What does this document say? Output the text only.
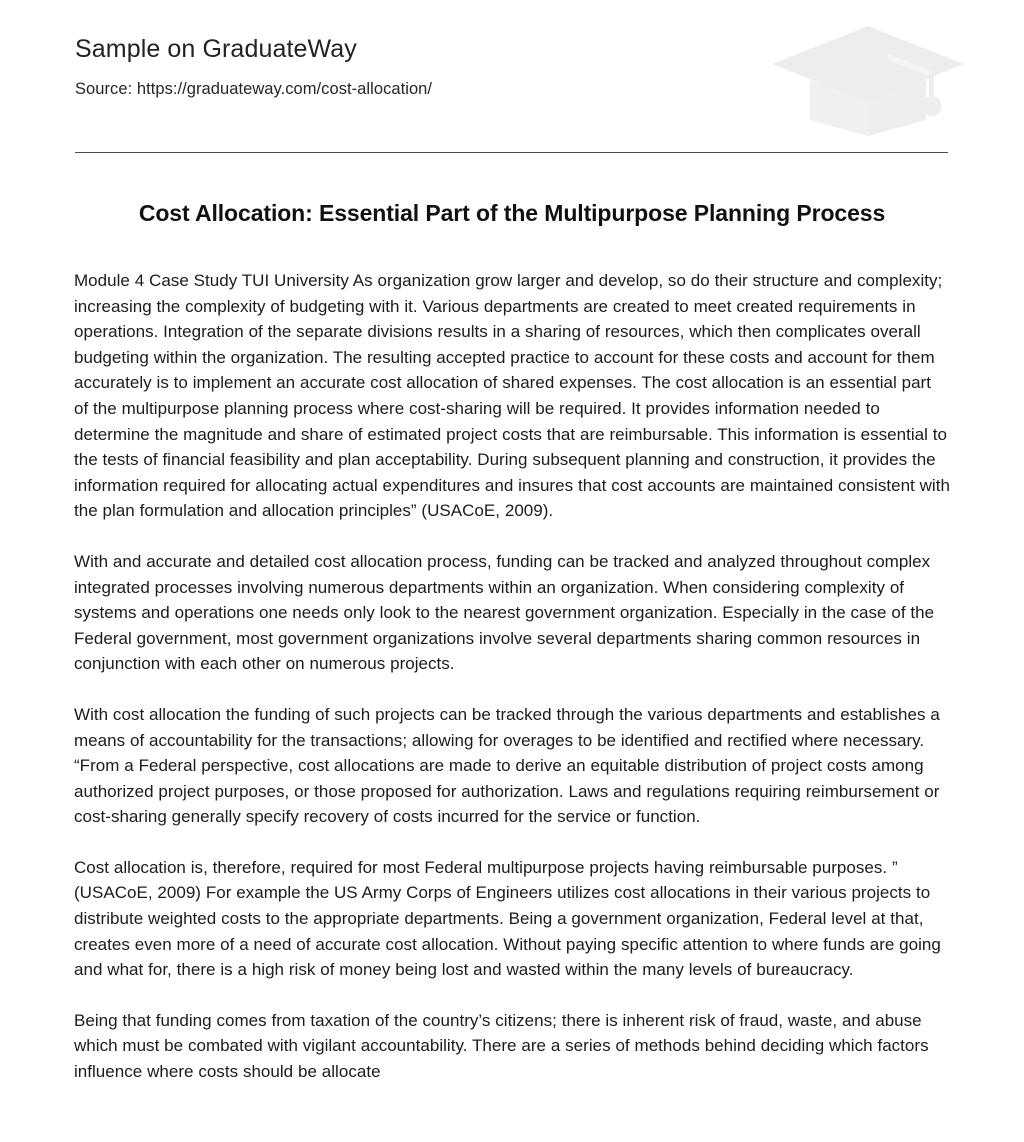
Sample on GraduateWay
Source: https://graduateway.com/cost-allocation/
Cost Allocation: Essential Part of the Multipurpose Planning Process

Module 4 Case Study TUI University As organization grow larger and develop, so do their structure and complexity; increasing the complexity of budgeting with it. Various departments are created to meet created requirements in operations. Integration of the separate divisions results in a sharing of resources, which then complicates overall budgeting within the organization. The resulting accepted practice to account for these costs and account for them accurately is to implement an accurate cost allocation of shared expenses. The cost allocation is an essential part of the multipurpose planning process where cost-sharing will be required. It provides information needed to determine the magnitude and share of estimated project costs that are reimbursable. This information is essential to the tests of financial feasibility and plan acceptability. During subsequent planning and construction, it provides the information required for allocating actual expenditures and insures that cost accounts are maintained consistent with the plan formulation and allocation principles” (USACoE, 2009).

With and accurate and detailed cost allocation process, funding can be tracked and analyzed throughout complex integrated processes involving numerous departments within an organization. When considering complexity of systems and operations one needs only look to the nearest government organization. Especially in the case of the Federal government, most government organizations involve several departments sharing common resources in conjunction with each other on numerous projects.

With cost allocation the funding of such projects can be tracked through the various departments and establishes a means of accountability for the transactions; allowing for overages to be identified and rectified where necessary. “From a Federal perspective, cost allocations are made to derive an equitable distribution of project costs among authorized project purposes, or those proposed for authorization. Laws and regulations requiring reimbursement or cost-sharing generally specify recovery of costs incurred for the service or function.

Cost allocation is, therefore, required for most Federal multipurpose projects having reimbursable purposes. ” (USACoE, 2009) For example the US Army Corps of Engineers utilizes cost allocations in their various projects to distribute weighted costs to the appropriate departments. Being a government organization, Federal level at that, creates even more of a need of accurate cost allocation. Without paying specific attention to where funds are going and what for, there is a high risk of money being lost and wasted within the many levels of bureaucracy.

Being that funding comes from taxation of the country’s citizens; there is inherent risk of fraud, waste, and abuse which must be combated with vigilant accountability. There are a series of methods behind deciding which factors influence where costs should be allocate
